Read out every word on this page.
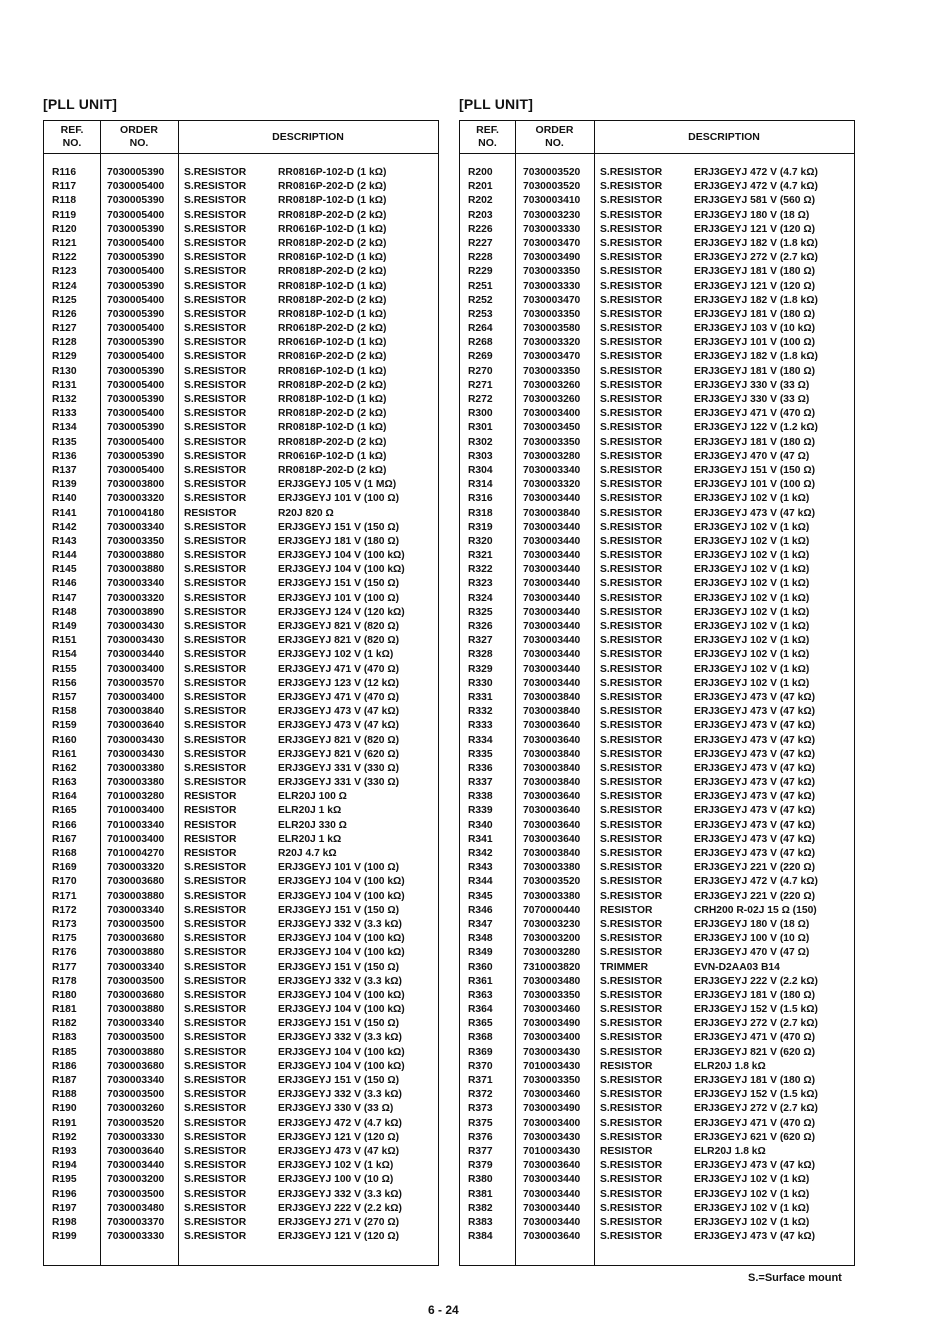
[PLL UNIT]	[PLL UNIT]
REF.
NO.
ORDER
NO.
DESCRIPTION
R116	7030005390 S.RESISTOR	RR0816P-102-D (1 kΩ)
R117	7030005400 S.RESISTOR	RR0816P-202-D (2 kΩ)
R118	7030005390 S.RESISTOR	RR0818P-102-D (1 kΩ)
R119	7030005400 S.RESISTOR	RR0818P-202-D (2 kΩ)
R120	7030005390 S.RESISTOR	RR0616P-102-D (1 kΩ)
R121	7030005400 S.RESISTOR	RR0818P-202-D (2 kΩ)
R122	7030005390 S.RESISTOR	RR0816P-102-D (1 kΩ)
R123	7030005400 S.RESISTOR	RR0818P-202-D (2 kΩ)
R124	7030005390 S.RESISTOR	RR0818P-102-D (1 kΩ)
R125	7030005400 S.RESISTOR	RR0818P-202-D (2 kΩ)
R126	7030005390 S.RESISTOR	RR0818P-102-D (1 kΩ)
R127	7030005400 S.RESISTOR	RR0618P-202-D (2 kΩ)
R128	7030005390 S.RESISTOR	RR0616P-102-D (1 kΩ)
R129	7030005400 S.RESISTOR	RR0816P-202-D (2 kΩ)
R130	7030005390 S.RESISTOR	RR0816P-102-D (1 kΩ)
R131	7030005400 S.RESISTOR	RR0818P-202-D (2 kΩ)
R132	7030005390 S.RESISTOR	RR0818P-102-D (1 kΩ)
R133	7030005400 S.RESISTOR	RR0818P-202-D (2 kΩ)
R134	7030005390 S.RESISTOR	RR0818P-102-D (1 kΩ)
R135	7030005400 S.RESISTOR	RR0818P-202-D (2 kΩ)
R136	7030005390 S.RESISTOR	RR0616P-102-D (1 kΩ)
R137	7030005400 S.RESISTOR	RR0818P-202-D (2 kΩ)
R139	7030003800 S.RESISTOR	ERJ3GEYJ 105 V (1 MΩ)
R140	7030003320 S.RESISTOR	ERJ3GEYJ 101 V (100 Ω)
R141	7010004180 RESISTOR	R20J 820 Ω
R142	7030003340 S.RESISTOR	ERJ3GEYJ 151 V (150 Ω)
R143	7030003350 S.RESISTOR	ERJ3GEYJ 181 V (180 Ω)
R144	7030003880 S.RESISTOR	ERJ3GEYJ 104 V (100 kΩ)
R145	7030003880 S.RESISTOR	ERJ3GEYJ 104 V (100 kΩ)
R146	7030003340 S.RESISTOR	ERJ3GEYJ 151 V (150 Ω)
R147	7030003320 S.RESISTOR	ERJ3GEYJ 101 V (100 Ω)
R148	7030003890 S.RESISTOR	ERJ3GEYJ 124 V (120 kΩ)
R149	7030003430 S.RESISTOR	ERJ3GEYJ 821 V (820 Ω)
R151	7030003430 S.RESISTOR	ERJ3GEYJ 821 V (820 Ω)
R154	7030003440 S.RESISTOR	ERJ3GEYJ 102 V (1 kΩ)
R155	7030003400 S.RESISTOR	ERJ3GEYJ 471 V (470 Ω)
R156	7030003570 S.RESISTOR	ERJ3GEYJ 123 V (12 kΩ)
R157	7030003400 S.RESISTOR	ERJ3GEYJ 471 V (470 Ω)
R158	7030003840 S.RESISTOR	ERJ3GEYJ 473 V (47 kΩ)
R159	7030003640 S.RESISTOR	ERJ3GEYJ 473 V (47 kΩ)
R160	7030003430 S.RESISTOR	ERJ3GEYJ 821 V (820 Ω)
R161	7030003430 S.RESISTOR	ERJ3GEYJ 821 V (620 Ω)
R162	7030003380 S.RESISTOR	ERJ3GEYJ 331 V (330 Ω)
R163	7030003380 S.RESISTOR	ERJ3GEYJ 331 V (330 Ω)
R164	7010003280 RESISTOR	ELR20J 100 Ω
R165	7010003400 RESISTOR	ELR20J 1 kΩ
R166	7010003340 RESISTOR	ELR20J 330 Ω
R167	7010003400 RESISTOR	ELR20J 1 kΩ
R168	7010004270 RESISTOR	R20J 4.7 kΩ
R169	7030003320 S.RESISTOR	ERJ3GEYJ 101 V (100 Ω)
R170	7030003680 S.RESISTOR	ERJ3GEYJ 104 V (100 kΩ)
R171	7030003880 S.RESISTOR	ERJ3GEYJ 104 V (100 kΩ)
R172	7030003340 S.RESISTOR	ERJ3GEYJ 151 V (150 Ω)
R173	7030003500 S.RESISTOR	ERJ3GEYJ 332 V (3.3 kΩ)
R175	7030003680 S.RESISTOR	ERJ3GEYJ 104 V (100 kΩ)
R176	7030003880 S.RESISTOR	ERJ3GEYJ 104 V (100 kΩ)
R177	7030003340 S.RESISTOR	ERJ3GEYJ 151 V (150 Ω)
R178	7030003500 S.RESISTOR	ERJ3GEYJ 332 V (3.3 kΩ)
R180	7030003680 S.RESISTOR	ERJ3GEYJ 104 V (100 kΩ)
R181	7030003880 S.RESISTOR	ERJ3GEYJ 104 V (100 kΩ)
R182	7030003340 S.RESISTOR	ERJ3GEYJ 151 V (150 Ω)
R183	7030003500 S.RESISTOR	ERJ3GEYJ 332 V (3.3 kΩ)
R185	7030003880 S.RESISTOR	ERJ3GEYJ 104 V (100 kΩ)
R186	7030003680 S.RESISTOR	ERJ3GEYJ 104 V (100 kΩ)
R187	7030003340 S.RESISTOR	ERJ3GEYJ 151 V (150 Ω)
R188	7030003500 S.RESISTOR	ERJ3GEYJ 332 V (3.3 kΩ)
R190	7030003260 S.RESISTOR	ERJ3GEYJ 330 V (33 Ω)
R191	7030003520 S.RESISTOR	ERJ3GEYJ 472 V (4.7 kΩ)
R192	7030003330 S.RESISTOR	ERJ3GEYJ 121 V (120 Ω)
R193	7030003640 S.RESISTOR	ERJ3GEYJ 473 V (47 kΩ)
R194	7030003440 S.RESISTOR	ERJ3GEYJ 102 V (1 kΩ)
R195	7030003200 S.RESISTOR	ERJ3GEYJ 100 V (10 Ω)
R196	7030003500 S.RESISTOR	ERJ3GEYJ 332 V (3.3 kΩ)
R197	7030003480 S.RESISTOR	ERJ3GEYJ 222 V (2.2 kΩ)
R198	7030003370 S.RESISTOR	ERJ3GEYJ 271 V (270 Ω)
R199	7030003330 S.RESISTOR	ERJ3GEYJ 121 V (120 Ω)
REF.
NO.
ORDER
NO.
DESCRIPTION
R200	7030003520 S.RESISTOR	ERJ3GEYJ 472 V (4.7 kΩ)
R201	7030003520 S.RESISTOR	ERJ3GEYJ 472 V (4.7 kΩ)
R202	7030003410 S.RESISTOR	ERJ3GEYJ 581 V (560 Ω)
R203	7030003230 S.RESISTOR	ERJ3GEYJ 180 V (18 Ω)
R226	7030003330 S.RESISTOR	ERJ3GEYJ 121 V (120 Ω)
R227	7030003470 S.RESISTOR	ERJ3GEYJ 182 V (1.8 kΩ)
R228	7030003490 S.RESISTOR	ERJ3GEYJ 272 V (2.7 kΩ)
R229	7030003350 S.RESISTOR	ERJ3GEYJ 181 V (180 Ω)
R251	7030003330 S.RESISTOR	ERJ3GEYJ 121 V (120 Ω)
R252	7030003470 S.RESISTOR	ERJ3GEYJ 182 V (1.8 kΩ)
R253	7030003350 S.RESISTOR	ERJ3GEYJ 181 V (180 Ω)
R264	7030003580 S.RESISTOR	ERJ3GEYJ 103 V (10 kΩ)
R268	7030003320 S.RESISTOR	ERJ3GEYJ 101 V (100 Ω)
R269	7030003470 S.RESISTOR	ERJ3GEYJ 182 V (1.8 kΩ)
R270	7030003350 S.RESISTOR	ERJ3GEYJ 181 V (180 Ω)
R271	7030003260 S.RESISTOR	ERJ3GEYJ 330 V (33 Ω)
R272	7030003260 S.RESISTOR	ERJ3GEYJ 330 V (33 Ω)
R300	7030003400 S.RESISTOR	ERJ3GEYJ 471 V (470 Ω)
R301	7030003450 S.RESISTOR	ERJ3GEYJ 122 V (1.2 kΩ)
R302	7030003350 S.RESISTOR	ERJ3GEYJ 181 V (180 Ω)
R303	7030003280 S.RESISTOR	ERJ3GEYJ 470 V (47 Ω)
R304	7030003340 S.RESISTOR	ERJ3GEYJ 151 V (150 Ω)
R314	7030003320 S.RESISTOR	ERJ3GEYJ 101 V (100 Ω)
R316	7030003440 S.RESISTOR	ERJ3GEYJ 102 V (1 kΩ)
R318	7030003840 S.RESISTOR	ERJ3GEYJ 473 V (47 kΩ)
R319	7030003440 S.RESISTOR	ERJ3GEYJ 102 V (1 kΩ)
R320	7030003440 S.RESISTOR	ERJ3GEYJ 102 V (1 kΩ)
R321	7030003440 S.RESISTOR	ERJ3GEYJ 102 V (1 kΩ)
R322	7030003440 S.RESISTOR	ERJ3GEYJ 102 V (1 kΩ)
R323	7030003440 S.RESISTOR	ERJ3GEYJ 102 V (1 kΩ)
R324	7030003440 S.RESISTOR	ERJ3GEYJ 102 V (1 kΩ)
R325	7030003440 S.RESISTOR	ERJ3GEYJ 102 V (1 kΩ)
R326	7030003440 S.RESISTOR	ERJ3GEYJ 102 V (1 kΩ)
R327	7030003440 S.RESISTOR	ERJ3GEYJ 102 V (1 kΩ)
R328	7030003440 S.RESISTOR	ERJ3GEYJ 102 V (1 kΩ)
R329	7030003440 S.RESISTOR	ERJ3GEYJ 102 V (1 kΩ)
R330	7030003440 S.RESISTOR	ERJ3GEYJ 102 V (1 kΩ)
R331	7030003840 S.RESISTOR	ERJ3GEYJ 473 V (47 kΩ)
R332	7030003840 S.RESISTOR	ERJ3GEYJ 473 V (47 kΩ)
R333	7030003640 S.RESISTOR	ERJ3GEYJ 473 V (47 kΩ)
R334	7030003640 S.RESISTOR	ERJ3GEYJ 473 V (47 kΩ)
R335	7030003840 S.RESISTOR	ERJ3GEYJ 473 V (47 kΩ)
R336	7030003840 S.RESISTOR	ERJ3GEYJ 473 V (47 kΩ)
R337	7030003840 S.RESISTOR	ERJ3GEYJ 473 V (47 kΩ)
R338	7030003640 S.RESISTOR	ERJ3GEYJ 473 V (47 kΩ)
R339	7030003640 S.RESISTOR	ERJ3GEYJ 473 V (47 kΩ)
R340	7030003640 S.RESISTOR	ERJ3GEYJ 473 V (47 kΩ)
R341	7030003640 S.RESISTOR	ERJ3GEYJ 473 V (47 kΩ)
R342	7030003840 S.RESISTOR	ERJ3GEYJ 473 V (47 kΩ)
R343	7030003380 S.RESISTOR	ERJ3GEYJ 221 V (220 Ω)
R344	7030003520 S.RESISTOR	ERJ3GEYJ 472 V (4.7 kΩ)
R345	7030003380 S.RESISTOR	ERJ3GEYJ 221 V (220 Ω)
R346	7070000440 RESISTOR	CRH200 R-02J 15 Ω (150)
R347	7030003230 S.RESISTOR	ERJ3GEYJ 180 V (18 Ω)
R348	7030003200 S.RESISTOR	ERJ3GEYJ 100 V (10 Ω)
R349	7030003280 S.RESISTOR	ERJ3GEYJ 470 V (47 Ω)
R360	7310003820 TRIMMER	EVN-D2AA03 B14
R361	7030003480 S.RESISTOR	ERJ3GEYJ 222 V (2.2 kΩ)
R363	7030003350 S.RESISTOR	ERJ3GEYJ 181 V (180 Ω)
R364	7030003460 S.RESISTOR	ERJ3GEYJ 152 V (1.5 kΩ)
R365	7030003490 S.RESISTOR	ERJ3GEYJ 272 V (2.7 kΩ)
R368	7030003400 S.RESISTOR	ERJ3GEYJ 471 V (470 Ω)
R369	7030003430 S.RESISTOR	ERJ3GEYJ 821 V (620 Ω)
R370	7010003430 RESISTOR	ELR20J 1.8 kΩ
R371	7030003350 S.RESISTOR	ERJ3GEYJ 181 V (180 Ω)
R372	7030003460 S.RESISTOR	ERJ3GEYJ 152 V (1.5 kΩ)
R373	7030003490 S.RESISTOR	ERJ3GEYJ 272 V (2.7 kΩ)
R375	7030003400 S.RESISTOR	ERJ3GEYJ 471 V (470 Ω)
R376	7030003430 S.RESISTOR	ERJ3GEYJ 621 V (620 Ω)
R377	7010003430 RESISTOR	ELR20J 1.8 kΩ
R379	7030003640 S.RESISTOR	ERJ3GEYJ 473 V (47 kΩ)
R380	7030003440 S.RESISTOR	ERJ3GEYJ 102 V (1 kΩ)
R381	7030003440 S.RESISTOR	ERJ3GEYJ 102 V (1 kΩ)
R382	7030003440 S.RESISTOR	ERJ3GEYJ 102 V (1 kΩ)
R383	7030003440 S.RESISTOR	ERJ3GEYJ 102 V (1 kΩ)
R384	7030003640 S.RESISTOR	ERJ3GEYJ 473 V (47 kΩ)
S.=Surface mount
6 - 24
